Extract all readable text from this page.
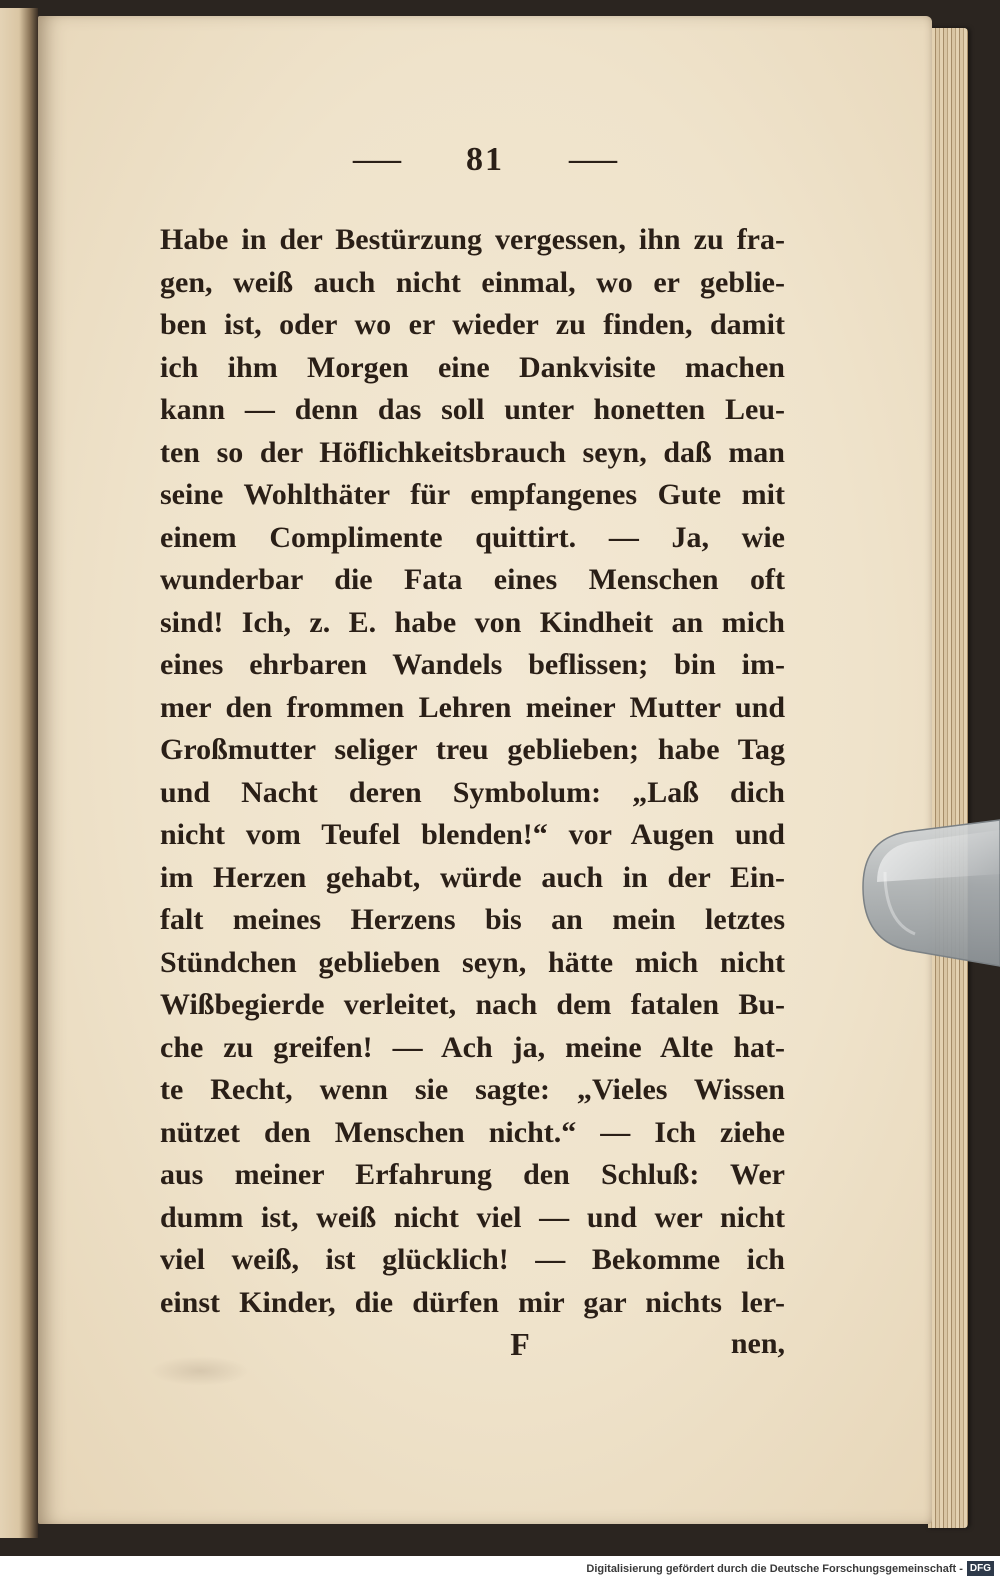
— 81 —
Habe in der Bestürzung vergessen, ihn zu fra-
gen, weiß auch nicht einmal, wo er geblie-
ben ist, oder wo er wieder zu finden, damit
ich ihm Morgen eine Dankvisite machen
kann — denn das soll unter honetten Leu-
ten so der Höflichkeitsbrauch seyn, daß man
seine Wohlthäter für empfangenes Gute mit
einem Complimente quittirt. — Ja, wie
wunderbar die Fata eines Menschen oft
sind! Ich, z. E. habe von Kindheit an mich
eines ehrbaren Wandels beflissen; bin im-
mer den frommen Lehren meiner Mutter und
Großmutter seliger treu geblieben; habe Tag
und Nacht deren Symbolum: „Laß dich
nicht vom Teufel blenden!“ vor Augen und
im Herzen gehabt, würde auch in der Ein-
falt meines Herzens bis an mein letztes
Stündchen geblieben seyn, hätte mich nicht
Wißbegierde verleitet, nach dem fatalen Bu-
che zu greifen! — Ach ja, meine Alte hat-
te Recht, wenn sie sagte: „Vieles Wissen
nützet den Menschen nicht.“ — Ich ziehe
aus meiner Erfahrung den Schluß: Wer
dumm ist, weiß nicht viel — und wer nicht
viel weiß, ist glücklich! — Bekomme ich
einst Kinder, die dürfen mir gar nichts ler-
F	nen,
Digitalisierung gefördert durch die Deutsche Forschungsgemeinschaft - DFG
